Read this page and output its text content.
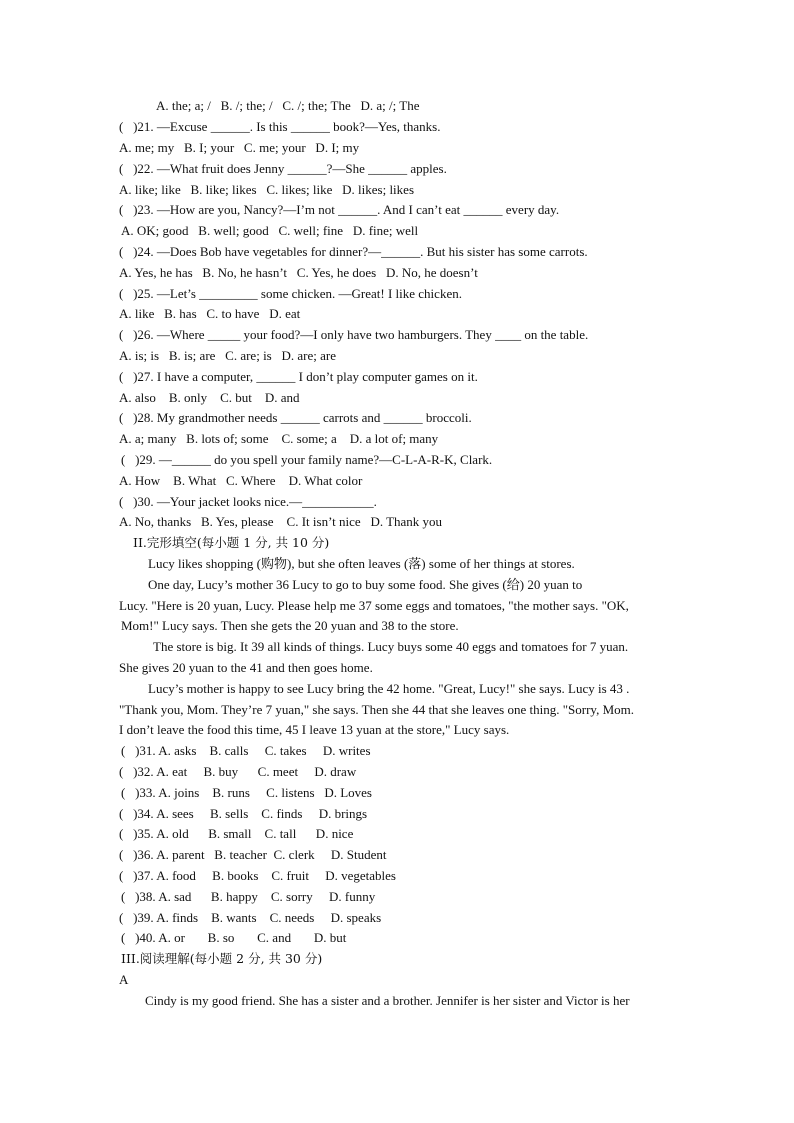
A. the; a; /   B. /; the; /   C. /; the; The   D. a; /; The
(   )21. —Excuse ______. Is this ______ book?—Yes, thanks.
A. me; my   B. I; your   C. me; your   D. I; my
(   )22. —What fruit does Jenny ______?—She ______ apples.
A. like; like   B. like; likes   C. likes; like   D. likes; likes
(   )23. —How are you, Nancy?—I’m not ______. And I can’t eat ______ every day.
A. OK; good   B. well; good   C. well; fine   D. fine; well
(   )24. —Does Bob have vegetables for dinner?—______. But his sister has some carrots.
A. Yes, he has   B. No, he hasn’t   C. Yes, he does   D. No, he doesn’t
(   )25. —Let’s _________ some chicken. —Great! I like chicken.
A. like   B. has   C. to have   D. eat
(   )26. —Where _____ your food?—I only have two hamburgers. They ____ on the table.
A. is; is   B. is; are   C. are; is   D. are; are
(   )27. I have a computer, ______ I don’t play computer games on it.
A. also    B. only    C. but    D. and
(   )28. My grandmother needs ______ carrots and ______ broccoli.
A. a; many   B. lots of; some    C. some; a    D. a lot of; many
(   )29. —______ do you spell your family name?—C-L-A-R-K, Clark.
A. How    B. What   C. Where    D. What color
(   )30. —Your jacket looks nice.—___________.
A. No, thanks   B. Yes, please    C. It isn’t nice   D. Thank you
II.完形填空(每小题 1 分, 共 10 分)
Lucy likes shopping (购物), but she often leaves (落) some of her things at stores.
One day, Lucy’s mother 36 Lucy to go to buy some food. She gives (给) 20 yuan to
Lucy. "Here is 20 yuan, Lucy. Please help me 37 some eggs and tomatoes, "the mother says. "OK,
Mom!" Lucy says. Then she gets the 20 yuan and 38 to the store.
The store is big. It 39 all kinds of things. Lucy buys some 40 eggs and tomatoes for 7 yuan.
She gives 20 yuan to the 41 and then goes home.
Lucy’s mother is happy to see Lucy bring the 42 home. "Great, Lucy!" she says. Lucy is 43 .
"Thank you, Mom. They’re 7 yuan," she says. Then she 44 that she leaves one thing. "Sorry, Mom.
I don’t leave the food this time, 45 I leave 13 yuan at the store," Lucy says.
(   )31. A. asks    B. calls     C. takes     D. writes
(   )32. A. eat     B. buy      C. meet     D. draw
(   )33. A. joins    B. runs     C. listens   D. Loves
(   )34. A. sees     B. sells    C. finds     D. brings
(   )35. A. old      B. small    C. tall      D. nice
(   )36. A. parent   B. teacher  C. clerk     D. Student
(   )37. A. food     B. books    C. fruit     D. vegetables
(   )38. A. sad      B. happy    C. sorry     D. funny
(   )39. A. finds    B. wants    C. needs     D. speaks
(   )40. A. or       B. so       C. and       D. but
III.阅读理解(每小题 2 分, 共 30 分)
A
Cindy is my good friend. She has a sister and a brother. Jennifer is her sister and Victor is her
